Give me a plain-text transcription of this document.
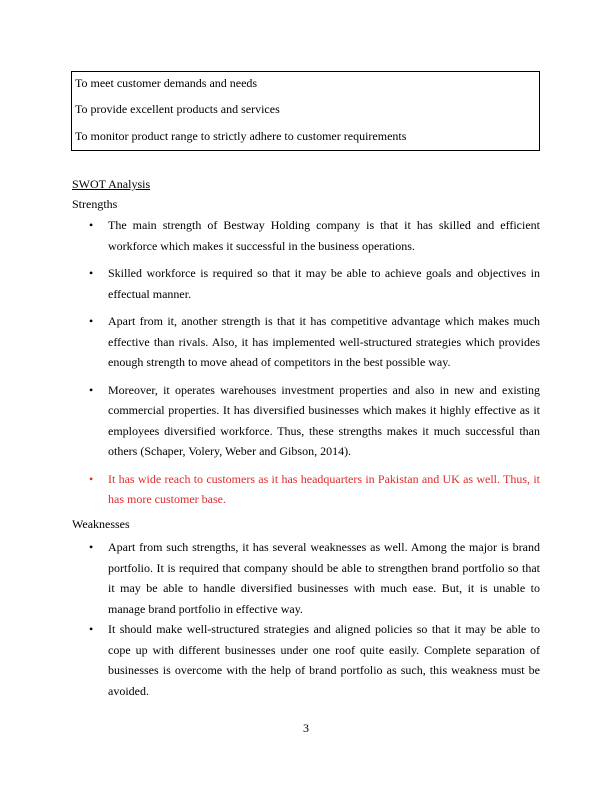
To meet customer demands and needs
To provide excellent products and services
To monitor product range to strictly adhere to customer requirements
SWOT Analysis
Strengths
• The main strength of Bestway Holding company is that it has skilled and efficient workforce which makes it successful in the business operations.
• Skilled workforce is required so that it may be able to achieve goals and objectives in effectual manner.
• Apart from it, another strength is that it has competitive advantage which makes much effective than rivals. Also, it has implemented well-structured strategies which provides enough strength to move ahead of competitors in the best possible way.
• Moreover, it operates warehouses investment properties and also in new and existing commercial properties. It has diversified businesses which makes it highly effective as it employees diversified workforce. Thus, these strengths makes it much successful than others (Schaper, Volery, Weber and Gibson, 2014).
• It has wide reach to customers as it has headquarters in Pakistan and UK as well. Thus, it has more customer base.
Weaknesses
• Apart from such strengths, it has several weaknesses as well. Among the major is brand portfolio. It is required that company should be able to strengthen brand portfolio so that it may be able to handle diversified businesses with much ease. But, it is unable to manage brand portfolio in effective way.
• It should make well-structured strategies and aligned policies so that it may be able to cope up with different businesses under one roof quite easily. Complete separation of businesses is overcome with the help of brand portfolio as such, this weakness must be avoided.
3
